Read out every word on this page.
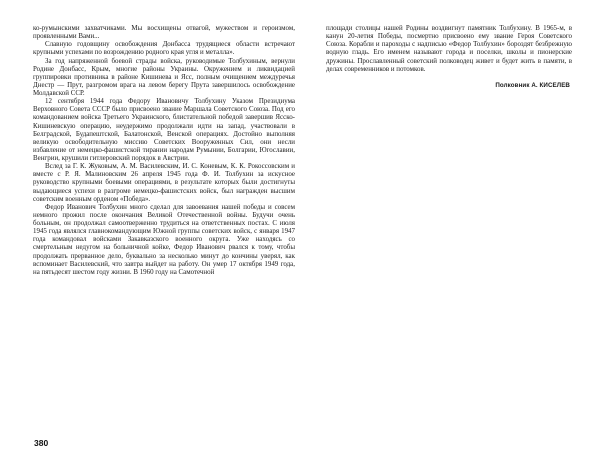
ко-румынскими захватчиками. Мы восхищены отвагой, мужеством и героизмом, проявленными Вами...

Славную годовщину освобождения Донбасса трудящиеся области встречают крупными успехами по возрождению родного края угля и металла».

За год напряженной боевой страды войска, руководимые Толбухиным, вернули Родине Донбасс, Крым, многие районы Украины. Окружением и ликвидацией группировки противника в районе Кишинева и Ясс, полным очищением междуречья Днестр — Прут, разгромом врага на левом берегу Прута завершилось освобождение Молдавской ССР.

12 сентября 1944 года Федору Ивановичу Толбухину Указом Президиума Верховного Совета СССР было присвоено звание Маршала Советского Союза. Под его командованием войска Третьего Украинского, блистательной победой завершив Ясско-Кишиневскую операцию, неудержимо продолжали идти на запад, участвовали в Белградской, Будапештской, Балатонской, Венской операциях. Достойно выполняя великую освободительную миссию Советских Вооруженных Сил, они несли избавление от немецко-фашистской тирании народам Румынии, Болгарии, Югославии, Венгрии, крушили гитлеровский порядок в Австрии.

Вслед за Г. К. Жуковым, А. М. Василевским, И. С. Коневым, К. К. Рокоссовским и вместе с Р. Я. Малиновским 26 апреля 1945 года Ф. И. Толбухин за искусное руководство крупными боевыми операциями, в результате которых были достигнуты выдающиеся успехи в разгроме немецко-фашистских войск, был награжден высшим советским военным орденом «Победа».

Федор Иванович Толбухин много сделал для завоевания нашей победы и совсем немного прожил после окончания Великой Отечественной войны. Будучи очень больным, он продолжал самоотверженно трудиться на ответственных постах. С июля 1945 года являлся главнокомандующим Южной группы советских войск, с января 1947 года командовал войсками Закавказского военного округа. Уже находясь со смертельным недугом на больничной койке, Федор Иванович рвался к тому, чтобы продолжать прерванное дело, буквально за несколько минут до кончины уверял, как вспоминает Василевский, что завтра выйдет на работу. Он умер 17 октября 1949 года, на пятьдесят шестом году жизни. В 1960 году на Самотечной

площади столицы нашей Родины воздвигнут памятник Толбухину. В 1965-м, в канун 20-летия Победы, посмертно присвоено ему звание Героя Советского Союза. Корабли и пароходы с надписью «Федор Толбухин» бороздят безбрежную водную гладь. Его именем называют города и поселки, школы и пионерские дружины. Прославленный советский полководец живет и будет жить в памяти, в делах современников и потомков.

Полковник А. КИСЕЛЕВ
380
